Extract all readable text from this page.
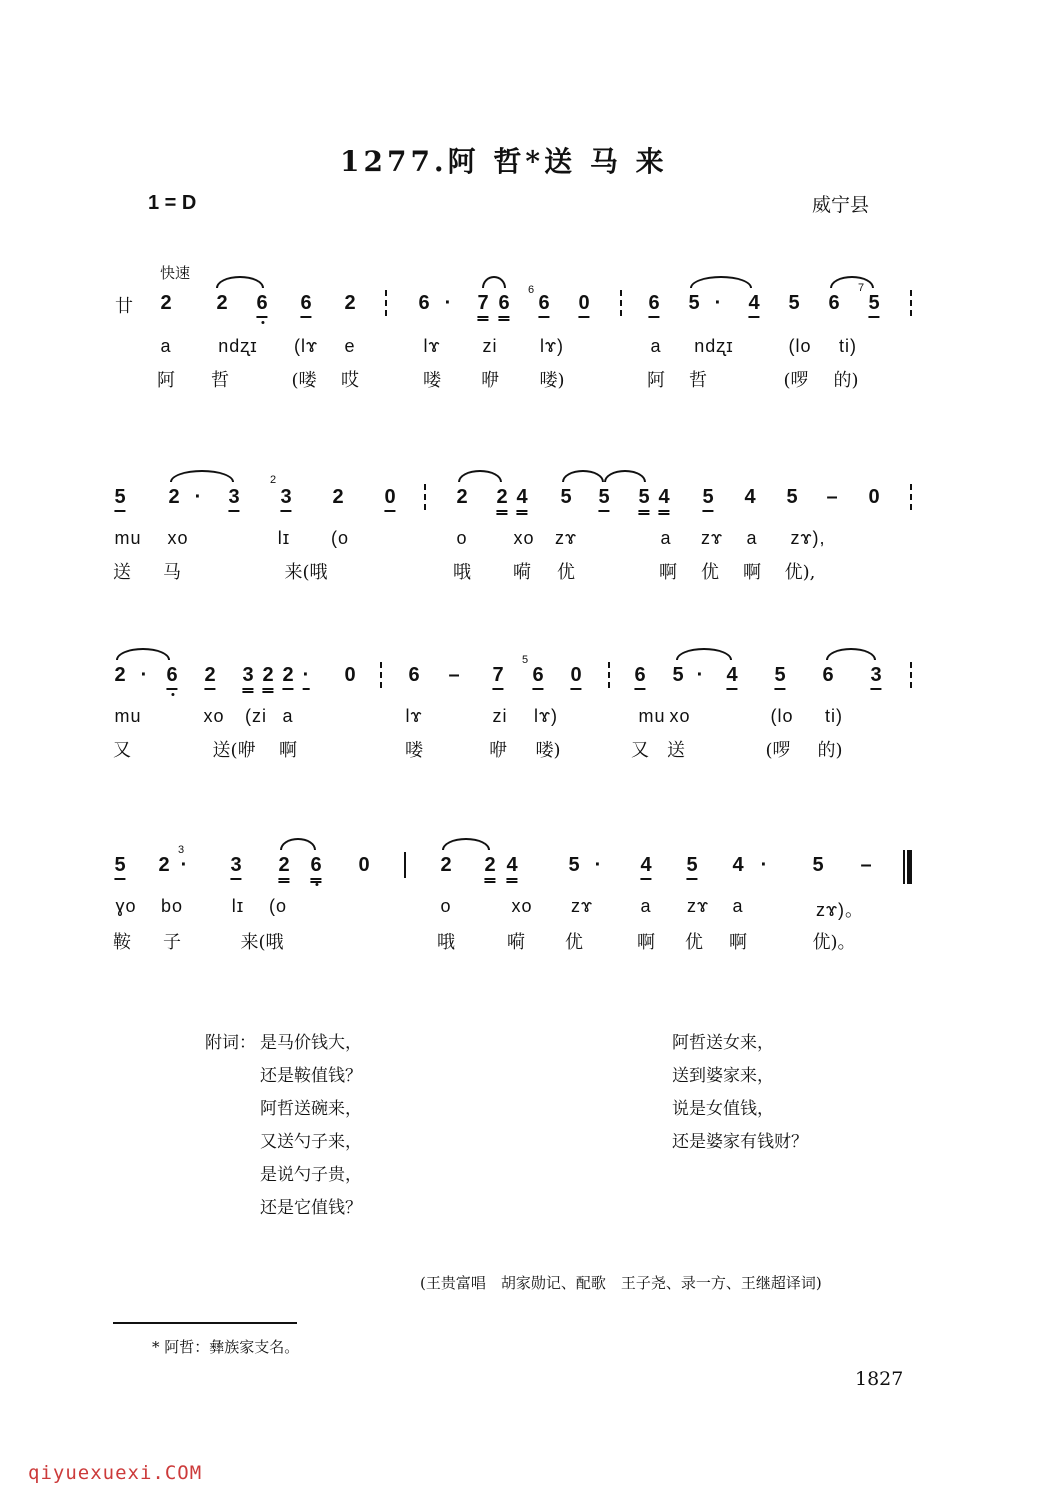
1277.阿 哲*送 马 来
1 = D	威宁县
快速
廿 2 2 6 6 2	6 · 7 6
6
6 0	6 5 · 4 5 6
7
5
a	ndʐɪ (lɤ e	lɤ zi lɤ)	a ndʐɪ	(lo ti)
阿 哲	(喽 哎	喽 咿 喽)	阿 哲	(啰 的)
5 2 · 3
2
3 2 0	2 2 4 5 5 5 4 5 4 5 – 0
mu xo	lɪ (o	o	xo zɤ	a zɤ a zɤ),
送 马	来(哦	哦 嗬 优	啊 优 啊 优),
2 · 6 2 3 2 2 · 0	6 – 7
5
6 0	6 5 · 4 5 6 3
mu	xo (zi a	lɤ	zi lɤ)	mu xo	(lo ti)
又	送(咿 啊	喽	咿 喽)	又 送	(啰 的)
5 2
3
· 3 2 6 0	2 2 4	5 · 4 5 4 · 5 –
ɣo bo	lɪ (o	o	xo zɤ	a zɤ a	zɤ)。
鞍 子	来(哦	哦	嗬 优	啊 优 啊	优)。
附词： 是马价钱大，
还是鞍值钱？
阿哲送碗来，
又送勺子来，
是说勺子贵，
还是它值钱？
阿哲送女来，
送到婆家来，
说是女值钱，
还是婆家有钱财？
(王贵富唱　胡家勋记、配歌　王子尧、录一方、王继超译词)
* 阿哲：彝族家支名。
1827
qiyuexuexi.COM
